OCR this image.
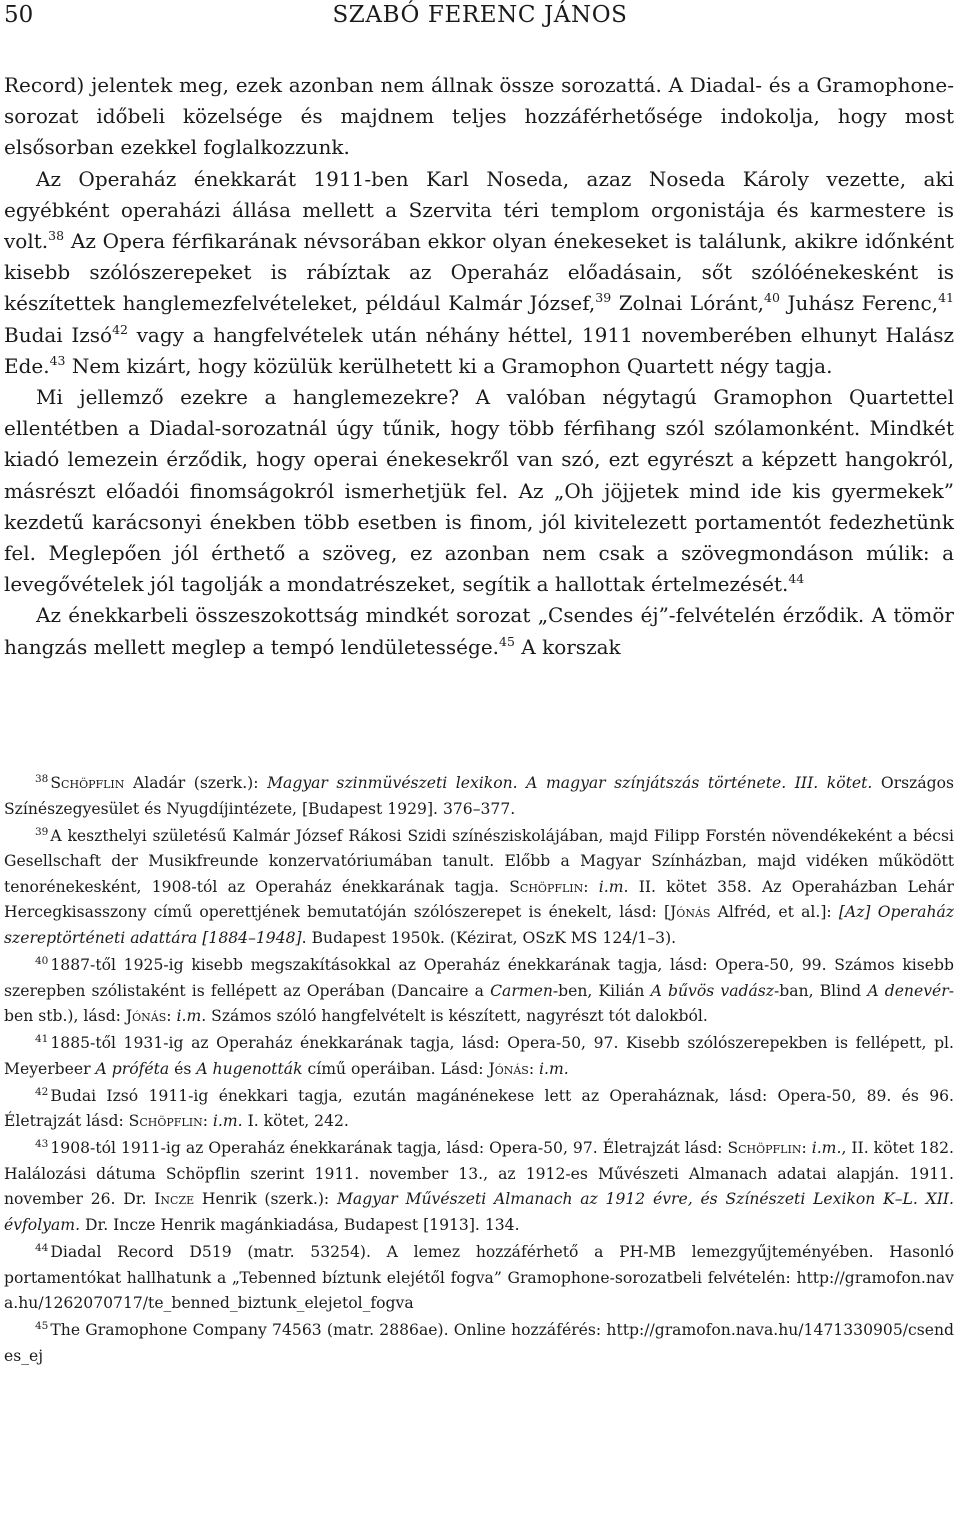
50	SZABÓ FERENC JÁNOS

Record) jelentek meg, ezek azonban nem állnak össze sorozattá. A Diadal- és a Gramophone-sorozat időbeli közelsége és majdnem teljes hozzáférhetősége indokolja, hogy most elsősorban ezekkel foglalkozzunk.

Az Operaház énekkarát 1911-ben Karl Noseda, azaz Noseda Károly vezette, aki egyébként operaházi állása mellett a Szervita téri templom orgonistája és karmestere is volt.$^{38}$ Az Opera férfikarának névsorában ekkor olyan énekeseket is találunk, akikre időnként kisebb szólószerepeket is rábíztak az Operaház előadásain, sőt szólóénekesként is készítettek hanglemezfelvételeket, például Kalmár József,$^{39}$ Zolnai Lóránt,$^{40}$ Juhász Ferenc,$^{41}$ Budai Izsó$^{42}$ vagy a hangfelvételek után néhány héttel, 1911 novemberében elhunyt Halász Ede.$^{43}$ Nem kizárt, hogy közülük kerülhetett ki a Gramophon Quartett négy tagja.

Mi jellemző ezekre a hanglemezekre? A valóban négytagú Gramophon Quartettel ellentétben a Diadal-sorozatnál úgy tűnik, hogy több férfihang szól szólamonként. Mindkét kiadó lemezein érződik, hogy operai énekesekről van szó, ezt egyrészt a képzett hangokról, másrészt előadói finomságokról ismerhetjük fel. Az „Oh jöjjetek mind ide kis gyermekek” kezdetű karácsonyi énekben több esetben is finom, jól kivitelezett portamentót fedezhetünk fel. Meglepően jól érthető a szöveg, ez azonban nem csak a szövegmondáson múlik: a levegővételek jól tagolják a mondatrészeket, segítik a hallottak értelmezését.$^{44}$

Az énekkarbeli összeszokottság mindkét sorozat „Csendes éj”-felvételén érződik. A tömör hangzás mellett meglep a tempó lendületessége.$^{45}$ A korszak

$^{38}$ Schöpflin Aladár (szerk.): Magyar szinmüvészeti lexikon. A magyar színjátszás története. III. kötet. Országos Színészegyesület és Nyugdíjintézete, [Budapest 1929]. 376–377.

$^{39}$ A keszthelyi születésű Kalmár József Rákosi Szidi színésziskolájában, majd Filipp Forstén növendékeként a bécsi Gesellschaft der Musikfreunde konzervatóriumában tanult. Előbb a Magyar Színházban, majd vidéken működött tenorénekesként, 1908-tól az Operaház énekkarának tagja. Schöpflin: i.m. II. kötet 358. Az Operaházban Lehár Hercegkisasszony című operettjének bemutatóján szólószerepet is énekelt, lásd: [Jónás Alfréd, et al.]: [Az] Operaház szereptörténeti adattára [1884–1948]. Budapest 1950k. (Kézirat, OSzK MS 124/1–3).

$^{40}$ 1887-től 1925-ig kisebb megszakításokkal az Operaház énekkarának tagja, lásd: Opera-50, 99. Számos kisebb szerepben szólistaként is fellépett az Operában (Dancaire a Carmen-ben, Kilián A bűvös vadász-ban, Blind A denevér-ben stb.), lásd: Jónás: i.m. Számos szóló hangfelvételt is készített, nagyrészt tót dalokból.

$^{41}$ 1885-től 1931-ig az Operaház énekkarának tagja, lásd: Opera-50, 97. Kisebb szólószerepekben is fellépett, pl. Meyerbeer A próféta és A hugenották című operáiban. Lásd: Jónás: i.m.

$^{42}$ Budai Izsó 1911-ig énekkari tagja, ezután magánénekese lett az Operaháznak, lásd: Opera-50, 89. és 96. Életrajzát lásd: Schöpflin: i.m. I. kötet, 242.

$^{43}$ 1908-tól 1911-ig az Operaház énekkarának tagja, lásd: Opera-50, 97. Életrajzát lásd: Schöpflin: i.m., II. kötet 182. Halálozási dátuma Schöpflin szerint 1911. november 13., az 1912-es Művészeti Almanach adatai alapján. 1911. november 26. Dr. Incze Henrik (szerk.): Magyar Művészeti Almanach az 1912 évre, és Színészeti Lexikon K–L. XII. évfolyam. Dr. Incze Henrik magánkiadása, Budapest [1913]. 134.

$^{44}$ Diadal Record D519 (matr. 53254). A lemez hozzáférhető a PH-MB lemezgyűjteményében. Hasonló portamentókat hallhatunk a „Tebenned bíztunk elejétől fogva” Gramophone-sorozatbeli felvételén: http://gramofon.nava.hu/1262070717/te_benned_biztunk_elejetol_fogva

$^{45}$ The Gramophone Company 74563 (matr. 2886ae). Online hozzáférés: http://gramofon.nava.hu/1471330905/csendes_ej
